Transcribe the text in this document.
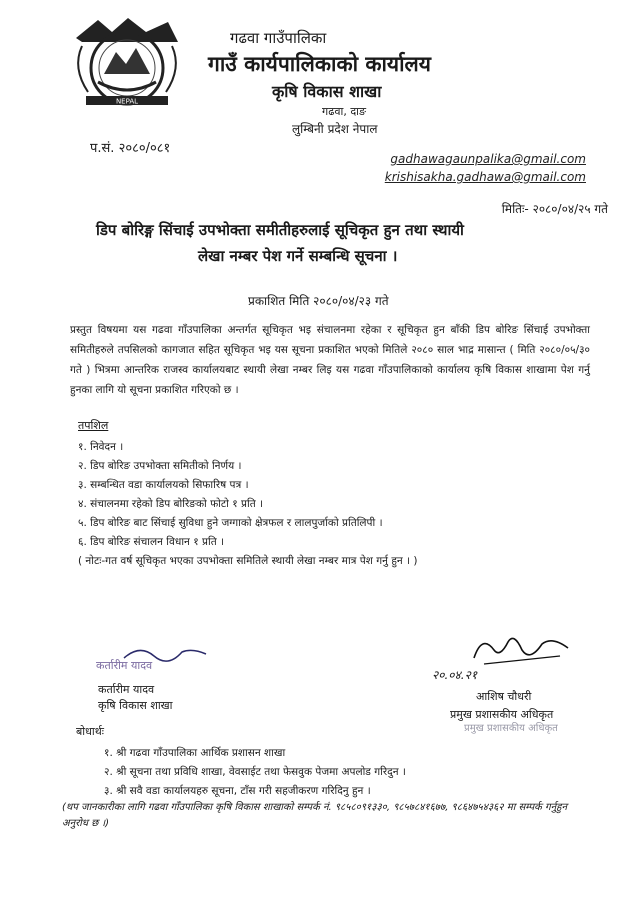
NEPAL
गढवा गाउँपालिका
गाउँ कार्यपालिकाको कार्यालय
कृषि विकास शाखा
गढवा, दाङ
लुम्बिनी प्रदेश नेपाल
प.सं. २०८०/०८१
gadhawagaunpalika@gmail.com
krishisakha.gadhawa@gmail.com
मितिः- २०८०/०४/२५ गते
डिप बोरिङ्ग सिंचाई उपभोक्ता समीतीहरुलाई सूचिकृत हुन तथा स्थायी
लेखा नम्बर पेश गर्ने सम्बन्धि सूचना ।
प्रकाशित मिति २०८०/०४/२३ गते
प्रस्तुत विषयमा यस गढवा गाँउपालिका अन्तर्गत सूचिकृत भइ संचालनमा रहेका र सूचिकृत हुन बाँकी डिप बोरिङ सिंचाई उपभोक्ता समितीहरुले तपसिलको कागजात सहित सूचिकृत भइ यस सूचना प्रकाशित भएको मितिले २०८० साल भाद्र मासान्त ( मिति २०८०/०५/३० गते ) भित्रमा आन्तरिक राजस्व कार्यालयबाट स्थायी लेखा नम्बर लिइ यस गढवा गाँउपालिकाको कार्यालय कृषि विकास शाखामा पेश गर्नु हुनका लागि यो सूचना प्रकाशित गरिएको छ ।
तपशिल
१. निवेदन ।
२. डिप बोरिङ उपभोक्ता समितीको निर्णय ।
३. सम्बन्धित वडा कार्यालयको सिफारिष पत्र ।
४. संचालनमा रहेको डिप बोरिङको फोटो १ प्रति ।
५. डिप बोरिङ बाट सिंचाई सुविधा हुने जग्गाको क्षेत्रफल र लालपुर्जाको प्रतिलिपी ।
६. डिप बोरिङ संचालन विधान १ प्रति ।
( नोटः-गत वर्ष सूचिकृत भएका उपभोक्ता समितिले स्थायी लेखा नम्बर मात्र पेश गर्नु हुन । )
कर्तारीम यादव
कर्तारीम यादव
कृषि विकास शाखा
२०.०४.२१
आशिष चौधरी
प्रमुख प्रशासकीय अधिकृत
प्रमुख प्रशासकीय अधिकृत
बोधार्थः
१. श्री गढवा गाँउपालिका आर्थिक प्रशासन शाखा
२. श्री सूचना तथा प्रविधि शाखा, वेवसाईट तथा फेसवुक पेजमा अपलोड गरिदुन ।
३. श्री सवै वडा कार्यालयहरु सूचना, टाँस गरी सहजीकरण गरिदिनु हुन ।
(थप जानकारीका लागि गढवा गाँउपालिका कृषि विकास शाखाको सम्पर्क नं. ९८५८०९१३३०, ९८५७८४१६७७, ९८६४७५४३६२ मा सम्पर्क गर्नुहुन अनुरोध छ ।)
